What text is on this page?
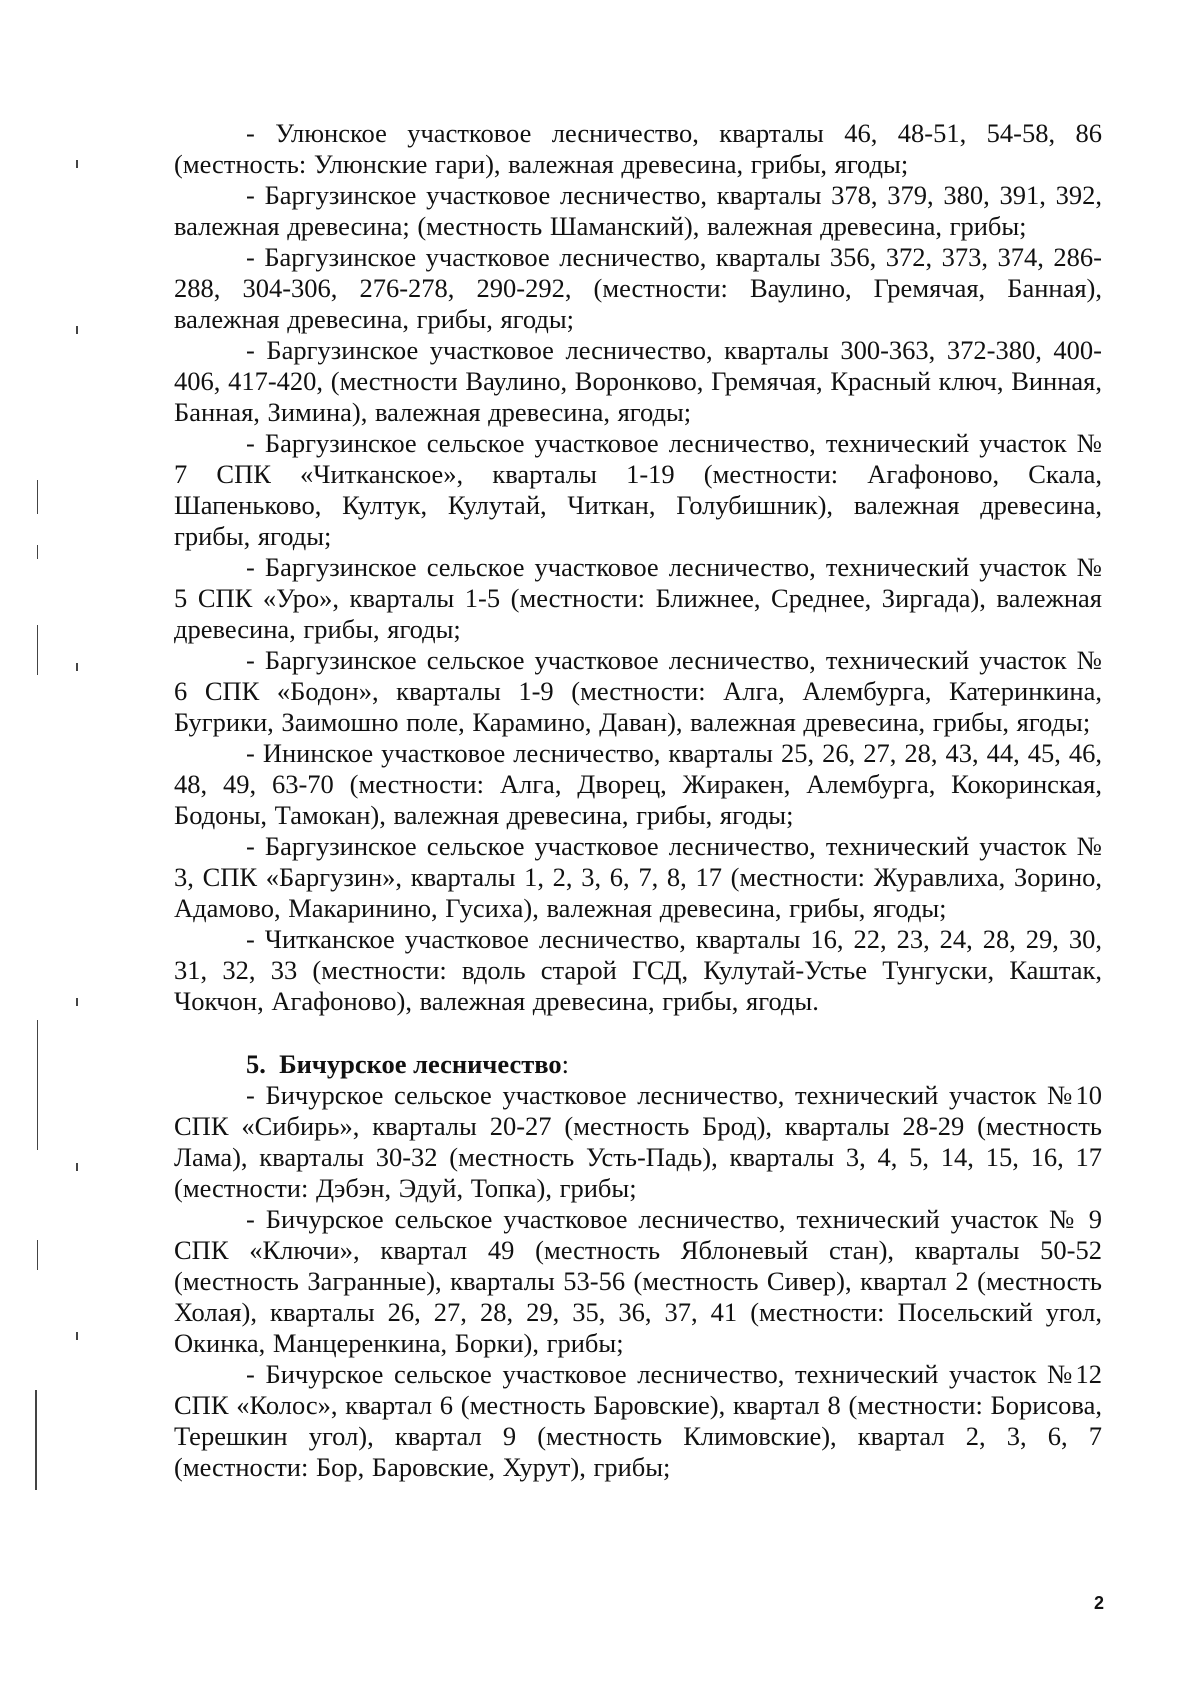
- Улюнское участковое лесничество, кварталы 46, 48-51, 54-58, 86 (местность: Улюнские гари), валежная древесина, грибы, ягоды;

- Баргузинское участковое лесничество, кварталы 378, 379, 380, 391, 392, валежная древесина; (местность Шаманский), валежная древесина, грибы;

- Баргузинское участковое лесничество, кварталы 356, 372, 373, 374, 286-288, 304-306, 276-278, 290-292, (местности: Ваулино, Гремячая, Банная), валежная древесина, грибы, ягоды;

- Баргузинское участковое лесничество, кварталы 300-363, 372-380, 400-406, 417-420, (местности Ваулино, Воронково, Гремячая, Красный ключ, Винная, Банная, Зимина), валежная древесина, ягоды;

- Баргузинское сельское участковое лесничество, технический участок № 7 СПК «Читканское», кварталы 1-19 (местности: Агафоново, Скала, Шапеньково, Култук, Кулутай, Читкан, Голубишник), валежная древесина, грибы, ягоды;

- Баргузинское сельское участковое лесничество, технический участок № 5 СПК «Уро», кварталы 1-5 (местности: Ближнее, Среднее, Зиргада), валежная древесина, грибы, ягоды;

- Баргузинское сельское участковое лесничество, технический участок № 6 СПК «Бодон», кварталы 1-9 (местности: Алга, Алембурга, Катеринкина, Бугрики, Заимошно поле, Карамино, Даван), валежная древесина, грибы, ягоды;

- Ининское участковое лесничество, кварталы 25, 26, 27, 28, 43, 44, 45, 46, 48, 49, 63-70 (местности: Алга, Дворец, Жиракен, Алембурга, Кокоринская, Бодоны, Тамокан), валежная древесина, грибы, ягоды;

- Баргузинское сельское участковое лесничество, технический участок № 3, СПК «Баргузин», кварталы 1, 2, 3, 6, 7, 8, 17 (местности: Журавлиха, Зорино, Адамово, Макарининo, Гусиха), валежная древесина, грибы, ягоды;

- Читканское участковое лесничество, кварталы 16, 22, 23, 24, 28, 29, 30, 31, 32, 33 (местности: вдоль старой ГСД, Кулутай-Устье Тунгуски, Каштак, Чокчон, Агафоново), валежная древесина, грибы, ягоды.

5. Бичурское лесничество:

- Бичурское сельское участковое лесничество, технический участок №10 СПК «Сибирь», кварталы 20-27 (местность Брод), кварталы 28-29 (местность Лама), кварталы 30-32 (местность Усть-Падь), кварталы 3, 4, 5, 14, 15, 16, 17 (местности: Дэбэн, Эдуй, Топка), грибы;

- Бичурское сельское участковое лесничество, технический участок № 9 СПК «Ключи», квартал 49 (местность Яблоневый стан), кварталы 50-52 (местность Загранные), кварталы 53-56 (местность Сивер), квартал 2 (местность Холая), кварталы 26, 27, 28, 29, 35, 36, 37, 41 (местности: Посельский угол, Окинка, Манцеренкина, Борки), грибы;

- Бичурское сельское участковое лесничество, технический участок №12 СПК «Колос», квартал 6 (местность Баровские), квартал 8 (местности: Борисова, Терешкин угол), квартал 9 (местность Климовские), квартал 2, 3, 6, 7 (местности: Бор, Баровские, Хурут), грибы;

2
